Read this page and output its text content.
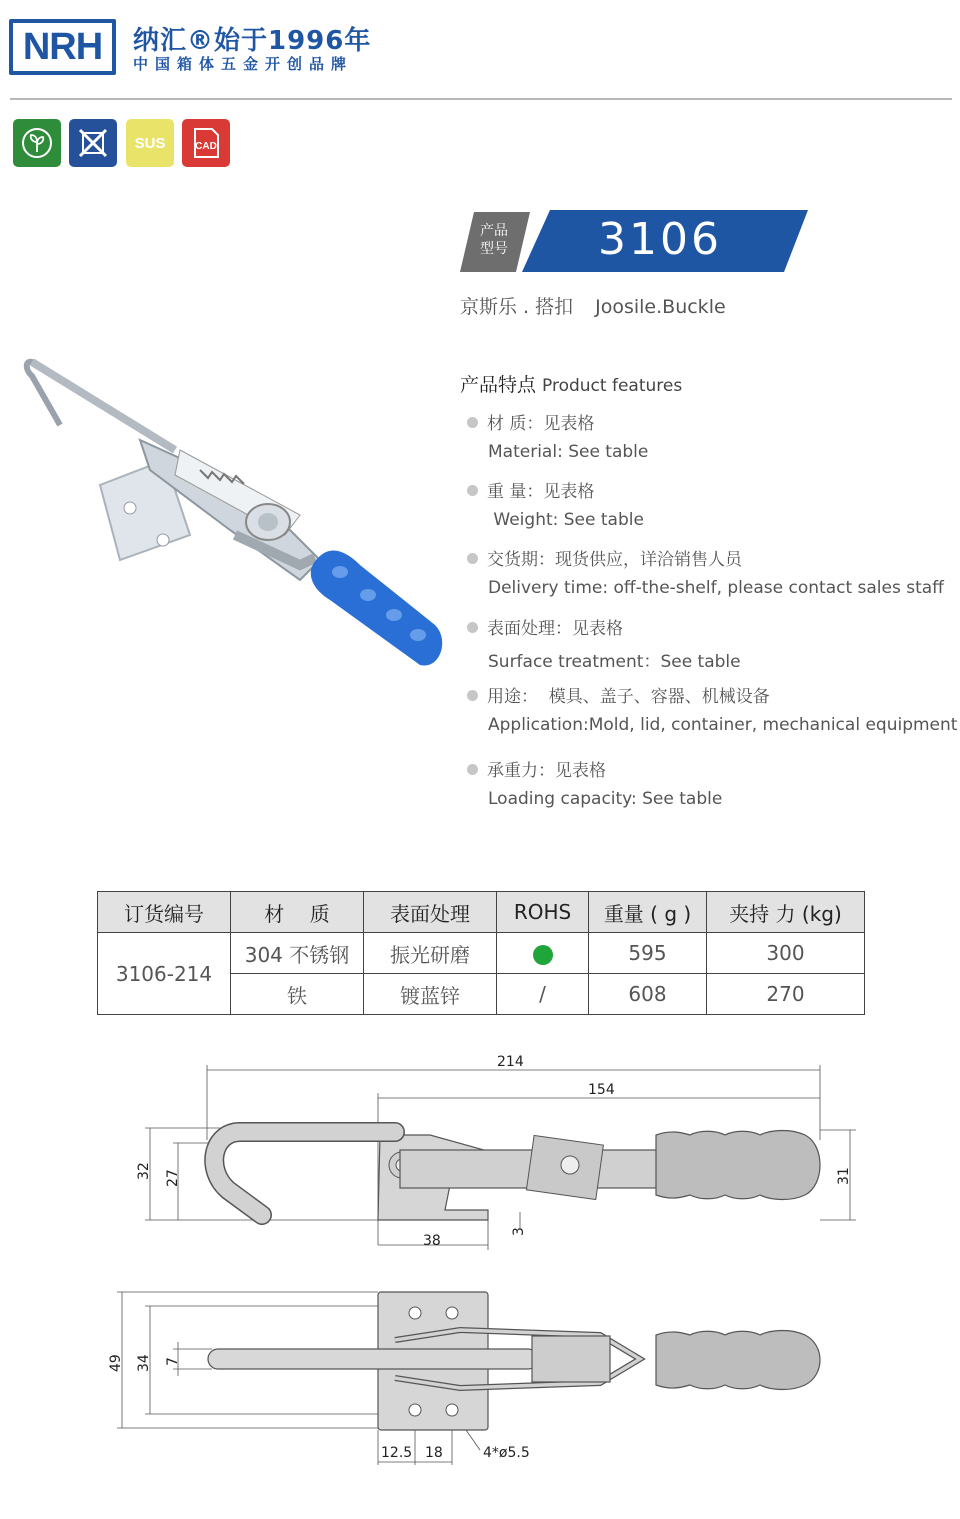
NRH 纳汇®始于1996年
中国箱体五金开创品牌
SUS	CAD
产品型号	3106
京斯乐 . 搭扣 Joosile.Buckle
产品特点 Product features
材 质：见表格
Material: See table
重 量：见表格
Weight: See table
交货期：现货供应，详洽销售人员
Delivery time: off-the-shelf, please contact sales staff
表面处理：见表格
Surface treatment：See table
用途：  模具、盖子、容器、机械设备
Application:Mold, lid, container, mechanical equipment
承重力：见表格
Loading capacity: See table
订货编号	材    质	表面处理	ROHS	重量 ( g )	夹持 力 (kg)
3106-214	304 不锈钢	振光研磨		595	300
	铁	镀蓝锌	/	608	270
214
154
32 27
38
3
31
49 34 7
12.5 18	4*ø5.5
